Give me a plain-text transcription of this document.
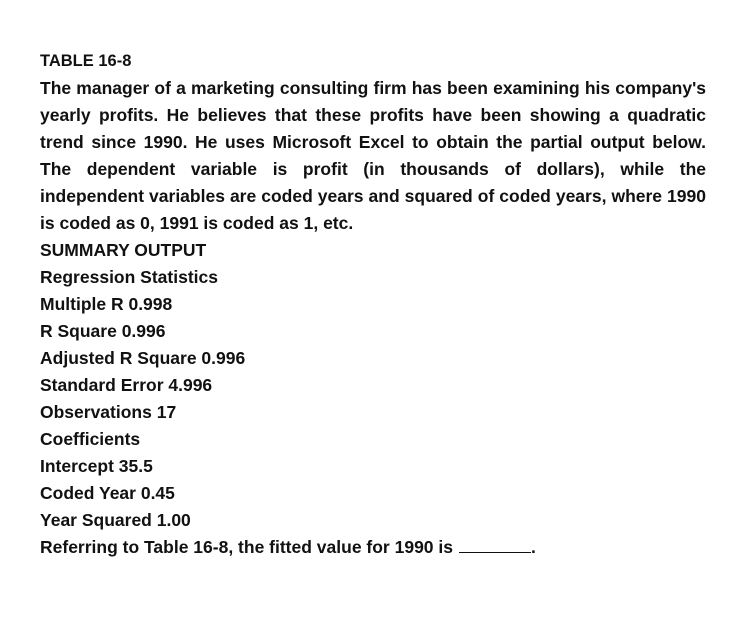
TABLE 16-8

The manager of a marketing consulting firm has been examining his company's yearly profits. He believes that these profits have been showing a quadratic trend since 1990. He uses Microsoft Excel to obtain the partial output below. The dependent variable is profit (in thousands of dollars), while the independent variables are coded years and squared of coded years, where 1990 is coded as 0, 1991 is coded as 1, etc.

SUMMARY OUTPUT
Regression Statistics
Multiple R 0.998
R Square 0.996
Adjusted R Square 0.996
Standard Error 4.996
Observations 17
Coefficients
Intercept 35.5
Coded Year 0.45
Year Squared 1.00
Referring to Table 16-8, the fitted value for 1990 is	.
